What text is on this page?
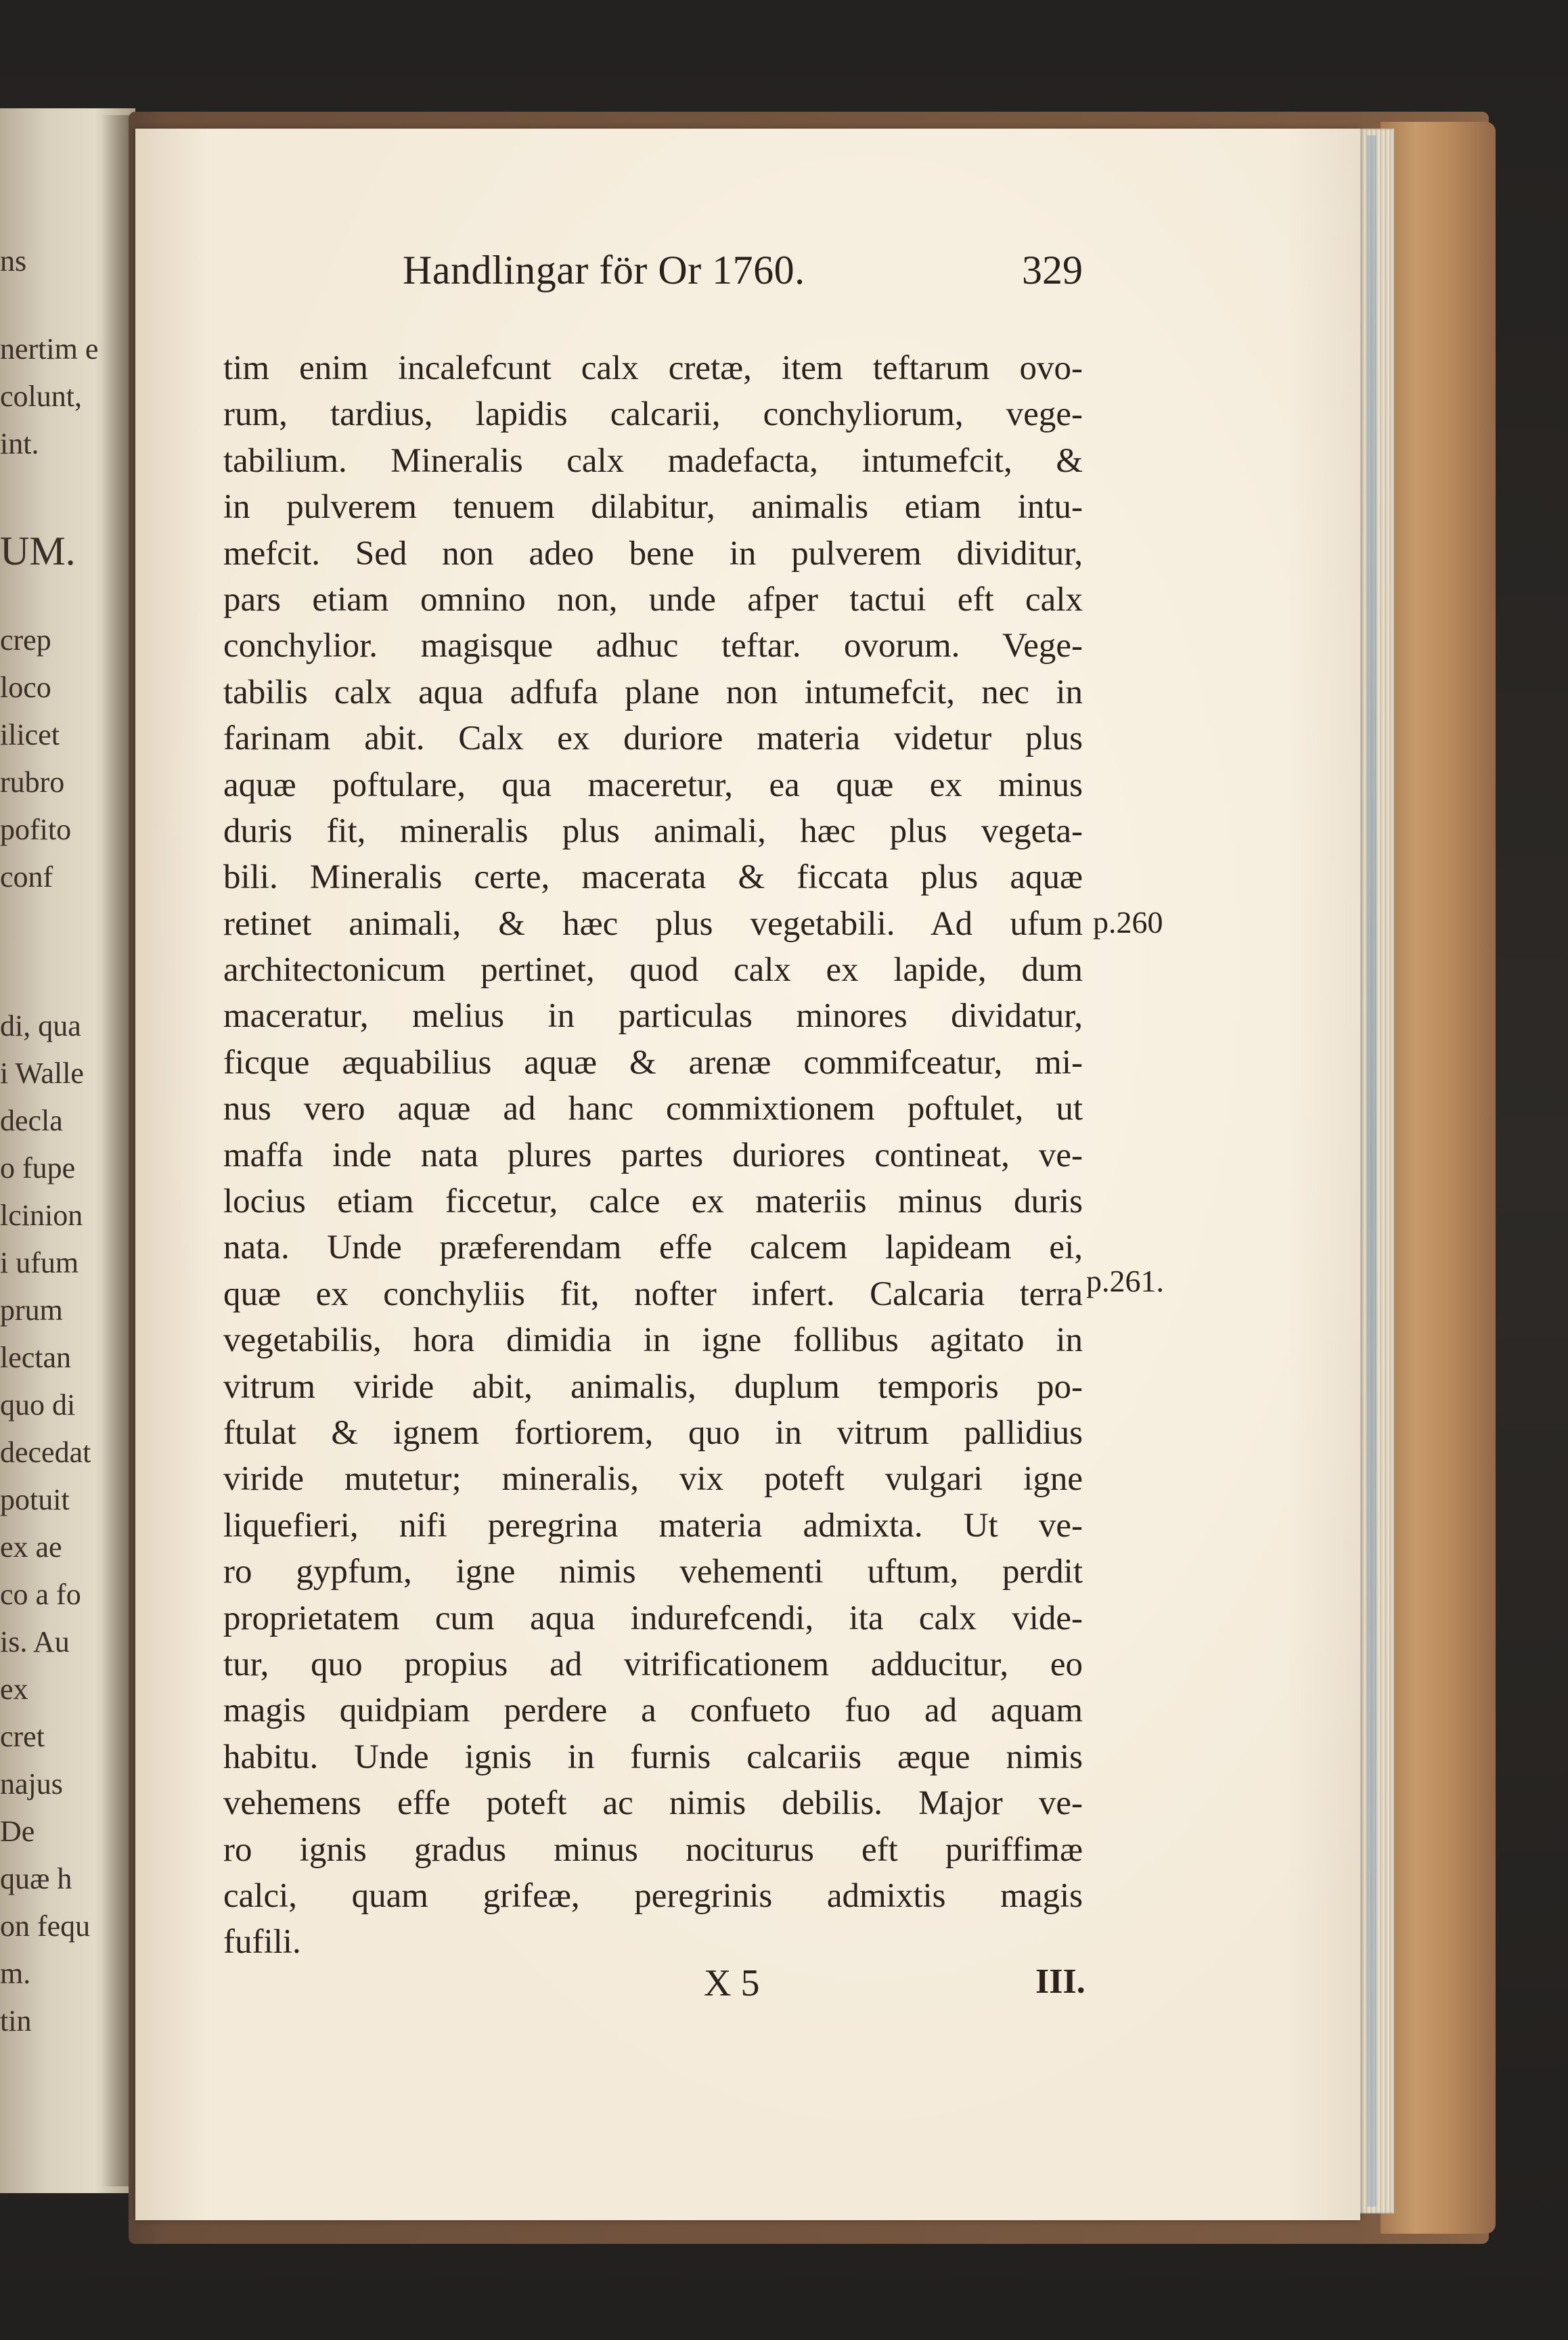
ns
nertim e
colunt,
int.
UM.
crep
loco
ilicet
rubro
pofito
conf
di, qua
i Walle
decla
o fupe
lcinion
i ufum
prum
lectan
quo di
decedat
potuit
ex ae
co a fo
is. Au
ex
cret
najus
De
quæ h
on fequ
m.
tin
Handlingar för Or 1760.	329
tim enim incalefcunt calx cretæ, item teftarum ovo-
rum, tardius, lapidis calcarii, conchyliorum, vege-
tabilium. Mineralis calx madefacta, intumefcit, &
in pulverem tenuem dilabitur, animalis etiam intu-
mefcit. Sed non adeo bene in pulverem dividitur,
pars etiam omnino non, unde afper tactui eft calx
conchylior. magisque adhuc teftar. ovorum. Vege-
tabilis calx aqua adfufa plane non intumefcit, nec in
farinam abit. Calx ex duriore materia videtur plus
aquæ poftulare, qua maceretur, ea quæ ex minus
duris fit, mineralis plus animali, hæc plus vegeta-
bili. Mineralis certe, macerata & ficcata plus aquæ
retinet animali, & hæc plus vegetabili. Ad ufum
architectonicum pertinet, quod calx ex lapide, dum
maceratur, melius in particulas minores dividatur,
ficque æquabilius aquæ & arenæ commifceatur, mi-
nus vero aquæ ad hanc commixtionem poftulet, ut
maffa inde nata plures partes duriores contineat, ve-
locius etiam ficcetur, calce ex materiis minus duris
nata. Unde præferendam effe calcem lapideam ei,
quæ ex conchyliis fit, nofter infert. Calcaria terra
vegetabilis, hora dimidia in igne follibus agitato in
vitrum viride abit, animalis, duplum temporis po-
ftulat & ignem fortiorem, quo in vitrum pallidius
viride mutetur; mineralis, vix poteft vulgari igne
liquefieri, nifi peregrina materia admixta. Ut ve-
ro gypfum, igne nimis vehementi uftum, perdit
proprietatem cum aqua indurefcendi, ita calx vide-
tur, quo propius ad vitrificationem adducitur, eo
magis quidpiam perdere a confueto fuo ad aquam
habitu. Unde ignis in furnis calcariis æque nimis
vehemens effe poteft ac nimis debilis. Major ve-
ro ignis gradus minus nociturus eft puriffimæ
calci, quam grifeæ, peregrinis admixtis magis
fufili.
p.260
p.261.
X 5	III.
